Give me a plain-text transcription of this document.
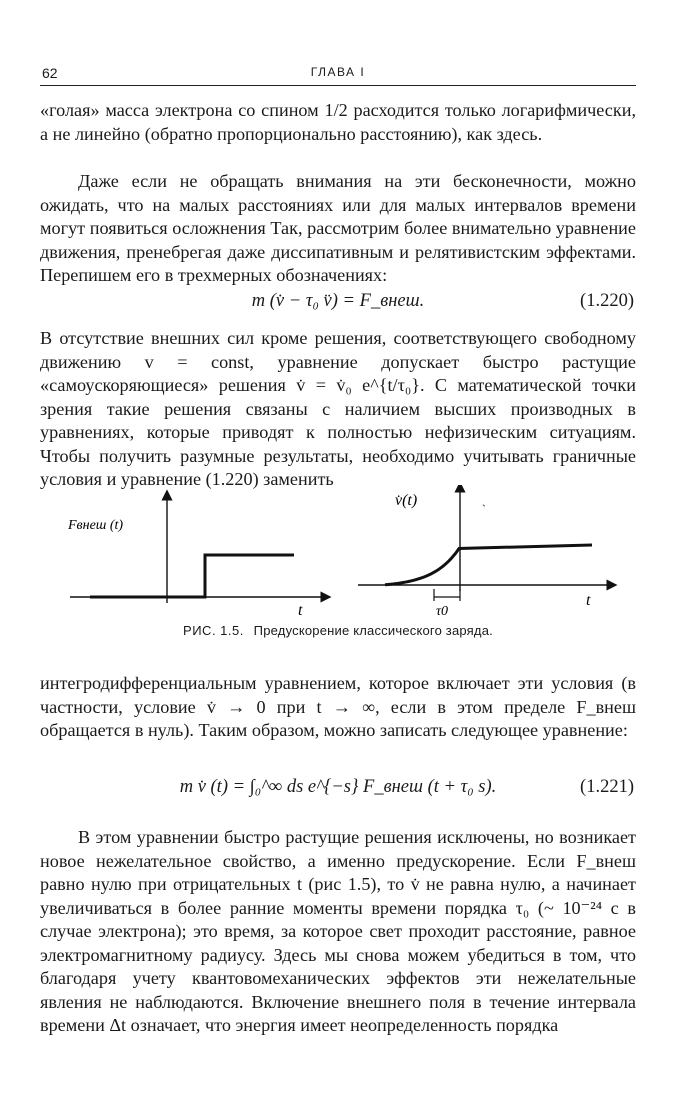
62	ГЛАВА I

«голая» масса электрона со спином 1/2 расходится только логарифмически, а не линейно (обратно пропорционально расстоянию), как здесь.

Даже если не обращать внимания на эти бесконечности, можно ожидать, что на малых расстояниях или для малых интервалов времени могут появиться осложнения Так, рассмотрим более внимательно уравнение движения, пренебрегая даже диссипативным и релятивистским эффектами. Перепишем его в трехмерных обозначениях:

m (v̇ − τ₀ v̈) = F_внеш.	(1.220)

В отсутствие внешних сил кроме решения, соответствующего свободному движению v = const, уравнение допускает быстро растущие «самоускоряющиеся» решения v̇ = v̇₀ e^{t/τ₀}. С математической точки зрения такие решения связаны с наличием высших производных в уравнениях, которые приводят к полностью нефизическим ситуациям. Чтобы получить разумные результаты, необходимо учитывать граничные условия и уравнение (1.220) заменить

Fвнеш (t)
t
v̇(t)
t
τ0
ˋ
РИС. 1.5. Предускорение классического заряда.

интегродифференциальным уравнением, которое включает эти условия (в частности, условие v̇ → 0 при t → ∞, если в этом пределе F_внеш обращается в нуль). Таким образом, можно записать следующее уравнение:

m v̇ (t) = ∫₀^∞ ds e^{−s} F_внеш (t + τ₀ s).	(1.221)

В этом уравнении быстро растущие решения исключены, но возникает новое нежелательное свойство, а именно предускорение. Если F_внеш равно нулю при отрицательных t (рис 1.5), то v̇ не равна нулю, а начинает увеличиваться в более ранние моменты времени порядка τ₀ (~ 10⁻²⁴ с в случае электрона); это время, за которое свет проходит расстояние, равное электромагнитному радиусу. Здесь мы снова можем убедиться в том, что благодаря учету квантовомеханических эффектов эти нежелательные явления не наблюдаются. Включение внешнего поля в течение интервала времени Δt означает, что энергия имеет неопределенность порядка
